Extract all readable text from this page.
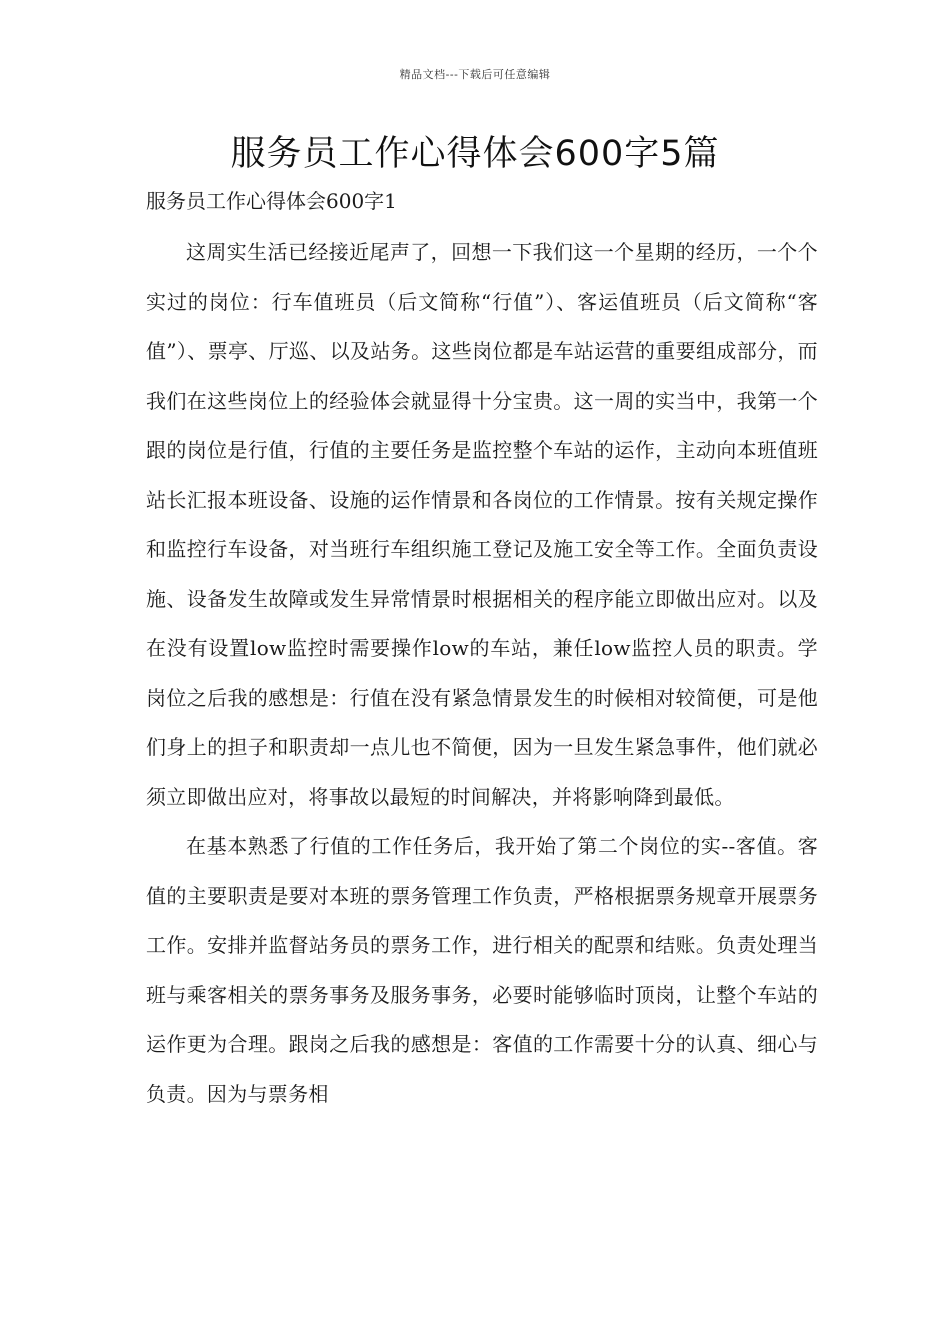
精品文档---下载后可任意编辑
服务员工作心得体会600字5篇

服务员工作心得体会600字1

这周实生活已经接近尾声了，回想一下我们这一个星期的经历，一个个实过的岗位：行车值班员（后文简称“行值”）、客运值班员（后文简称“客值”）、票亭、厅巡、以及站务。这些岗位都是车站运营的重要组成部分，而我们在这些岗位上的经验体会就显得十分宝贵。这一周的实当中，我第一个跟的岗位是行值，行值的主要任务是监控整个车站的运作，主动向本班值班站长汇报本班设备、设施的运作情景和各岗位的工作情景。按有关规定操作和监控行车设备，对当班行车组织施工登记及施工安全等工作。全面负责设施、设备发生故障或发生异常情景时根据相关的程序能立即做出应对。以及在没有设置low监控时需要操作low的车站，兼任low监控人员的职责。学岗位之后我的感想是：行值在没有紧急情景发生的时候相对较简便，可是他们身上的担子和职责却一点儿也不简便，因为一旦发生紧急事件，他们就必须立即做出应对，将事故以最短的时间解决，并将影响降到最低。

在基本熟悉了行值的工作任务后，我开始了第二个岗位的实--客值。客值的主要职责是要对本班的票务管理工作负责，严格根据票务规章开展票务工作。安排并监督站务员的票务工作，进行相关的配票和结账。负责处理当班与乘客相关的票务事务及服务事务，必要时能够临时顶岗，让整个车站的运作更为合理。跟岗之后我的感想是：客值的工作需要十分的认真、细心与负责。因为与票务相
